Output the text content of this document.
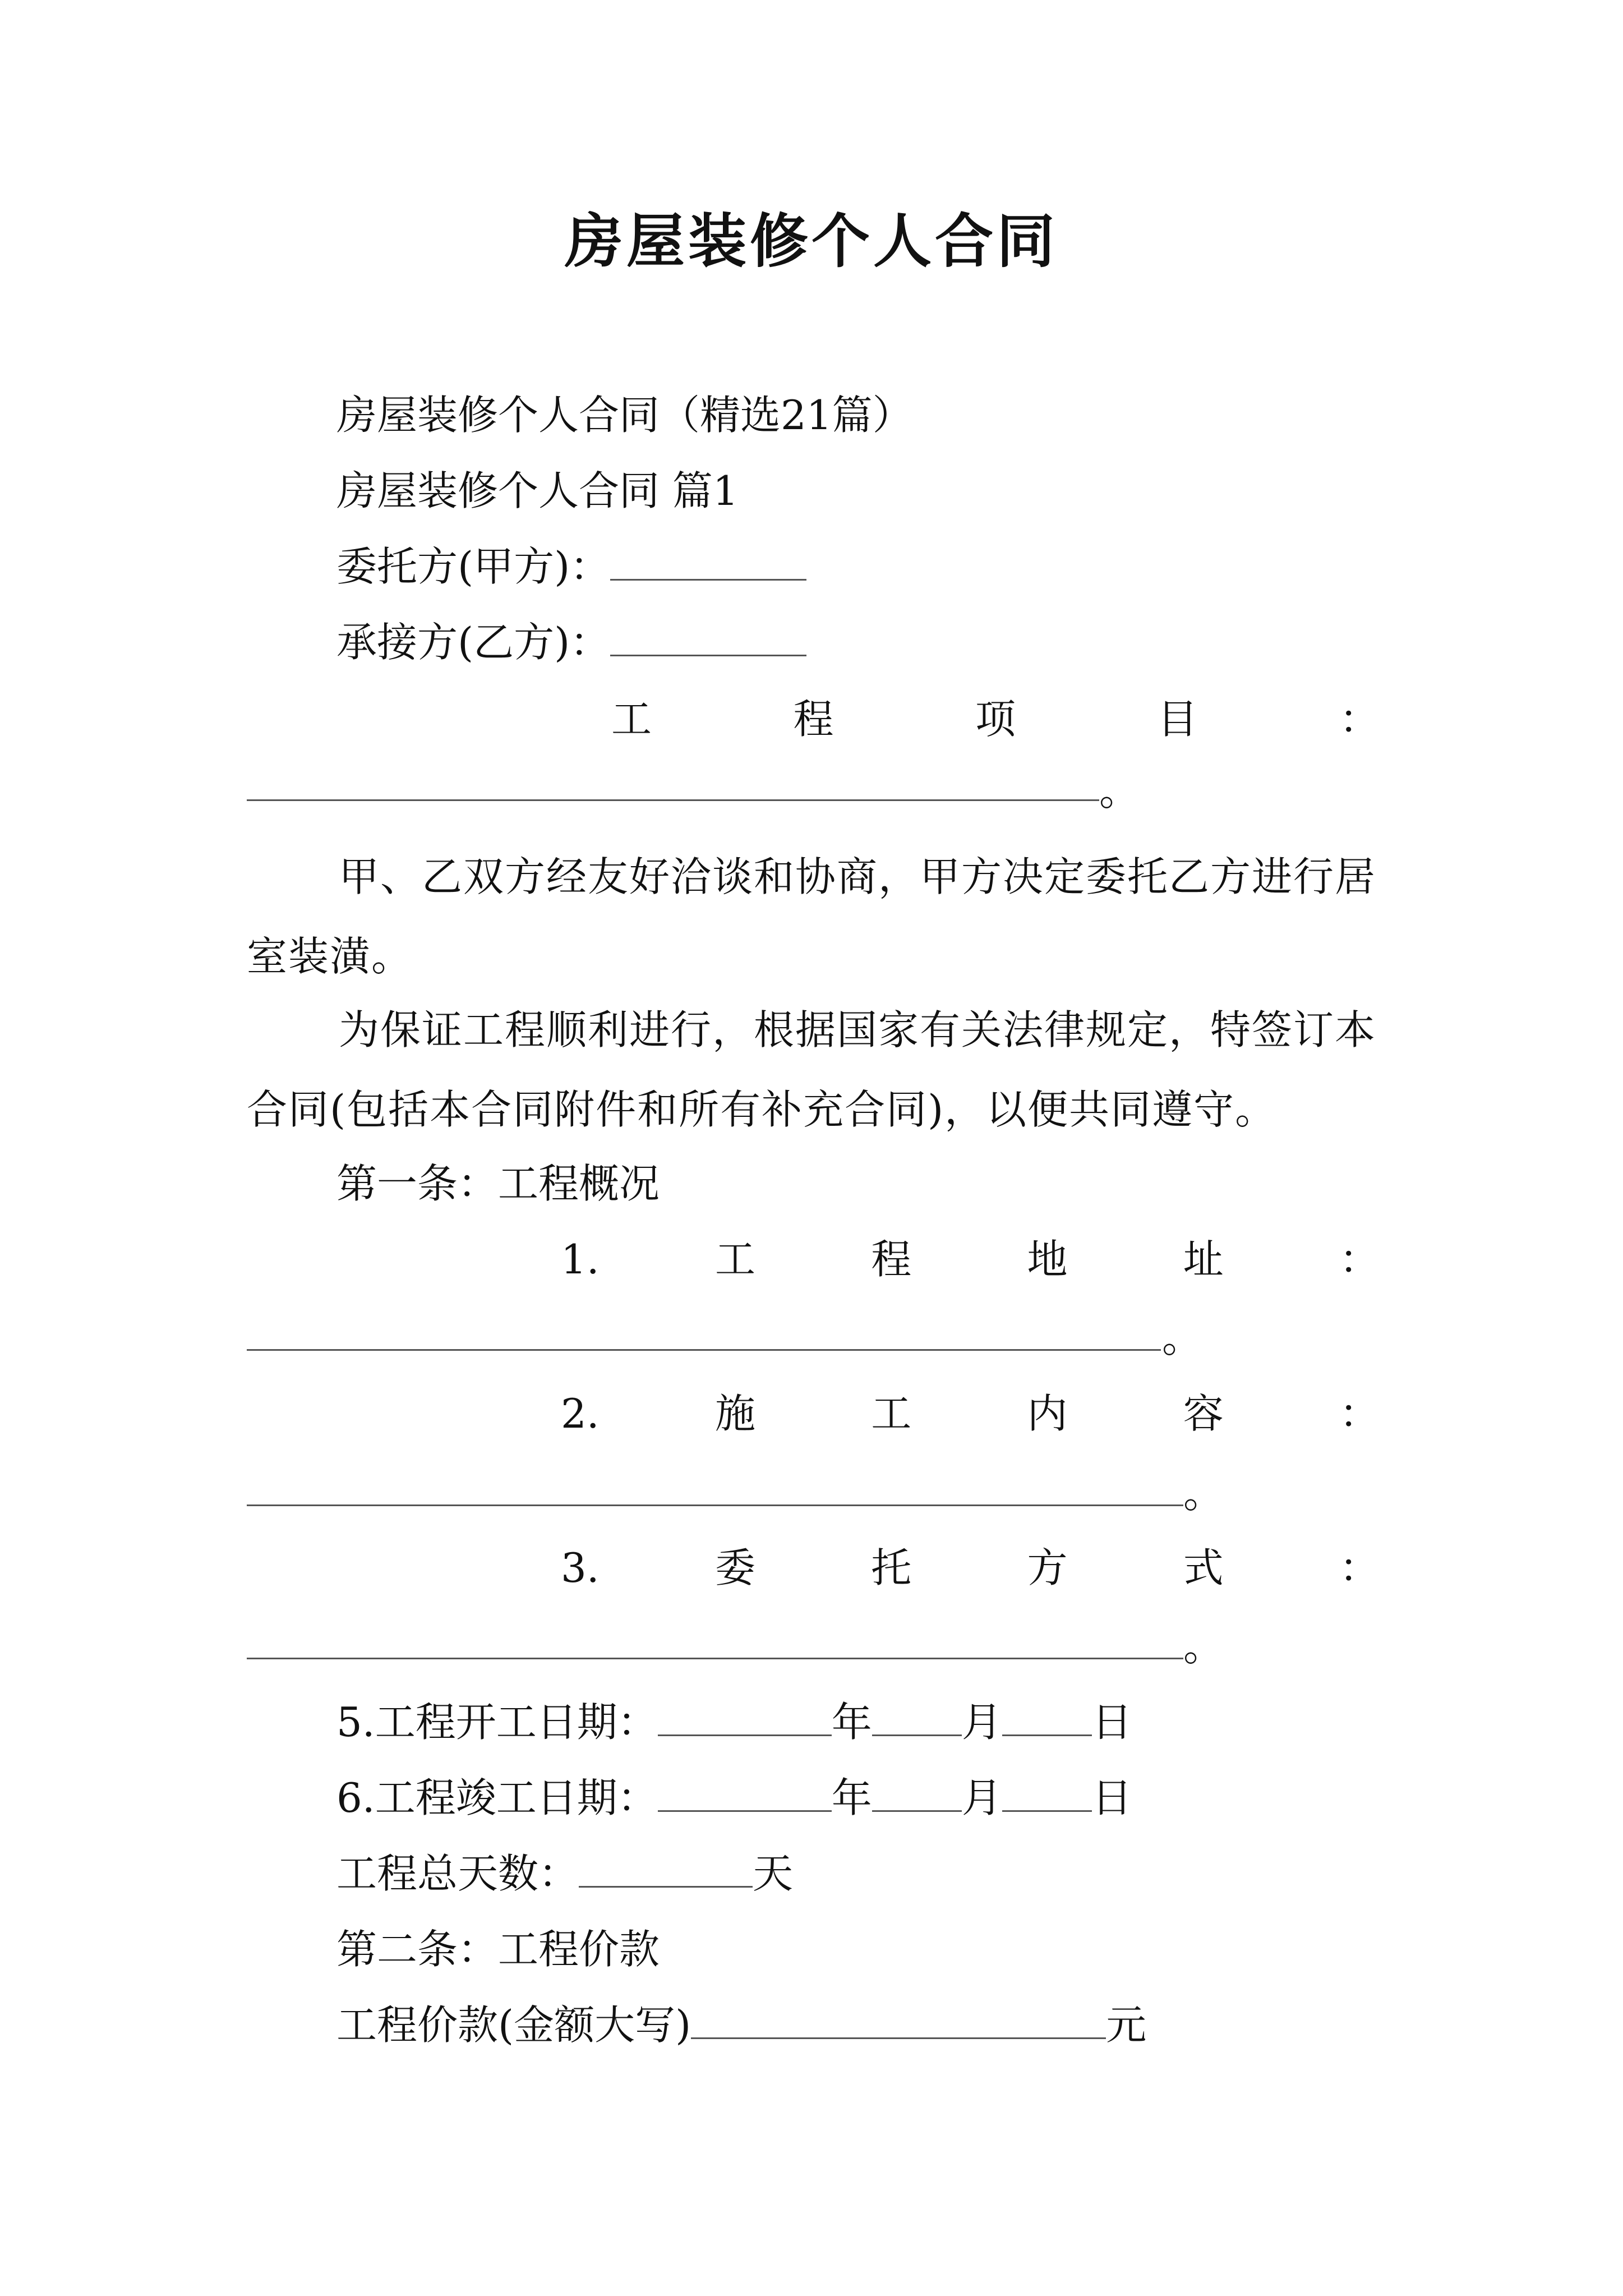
房屋装修个人合同
房屋装修个人合同（精选21篇）
房屋装修个人合同 篇1
委托方(甲方)：
承接方(乙方)：
工	程	项	目	：
。
甲、乙双方经友好洽谈和协商，甲方决定委托乙方进行居室装潢。
为保证工程顺利进行，根据国家有关法律规定，特签订本合同(包括本合同附件和所有补充合同)，以便共同遵守。
第一条：工程概况
1.	工	程	地	址	：
。
2.	施	工	内	容	：
。
3.	委	托	方	式	：
。
5.工程开工日期：	年 月 日
6.工程竣工日期：	年 月 日
工程总天数：	天
第二条：工程价款
工程价款(金额大写)	元
